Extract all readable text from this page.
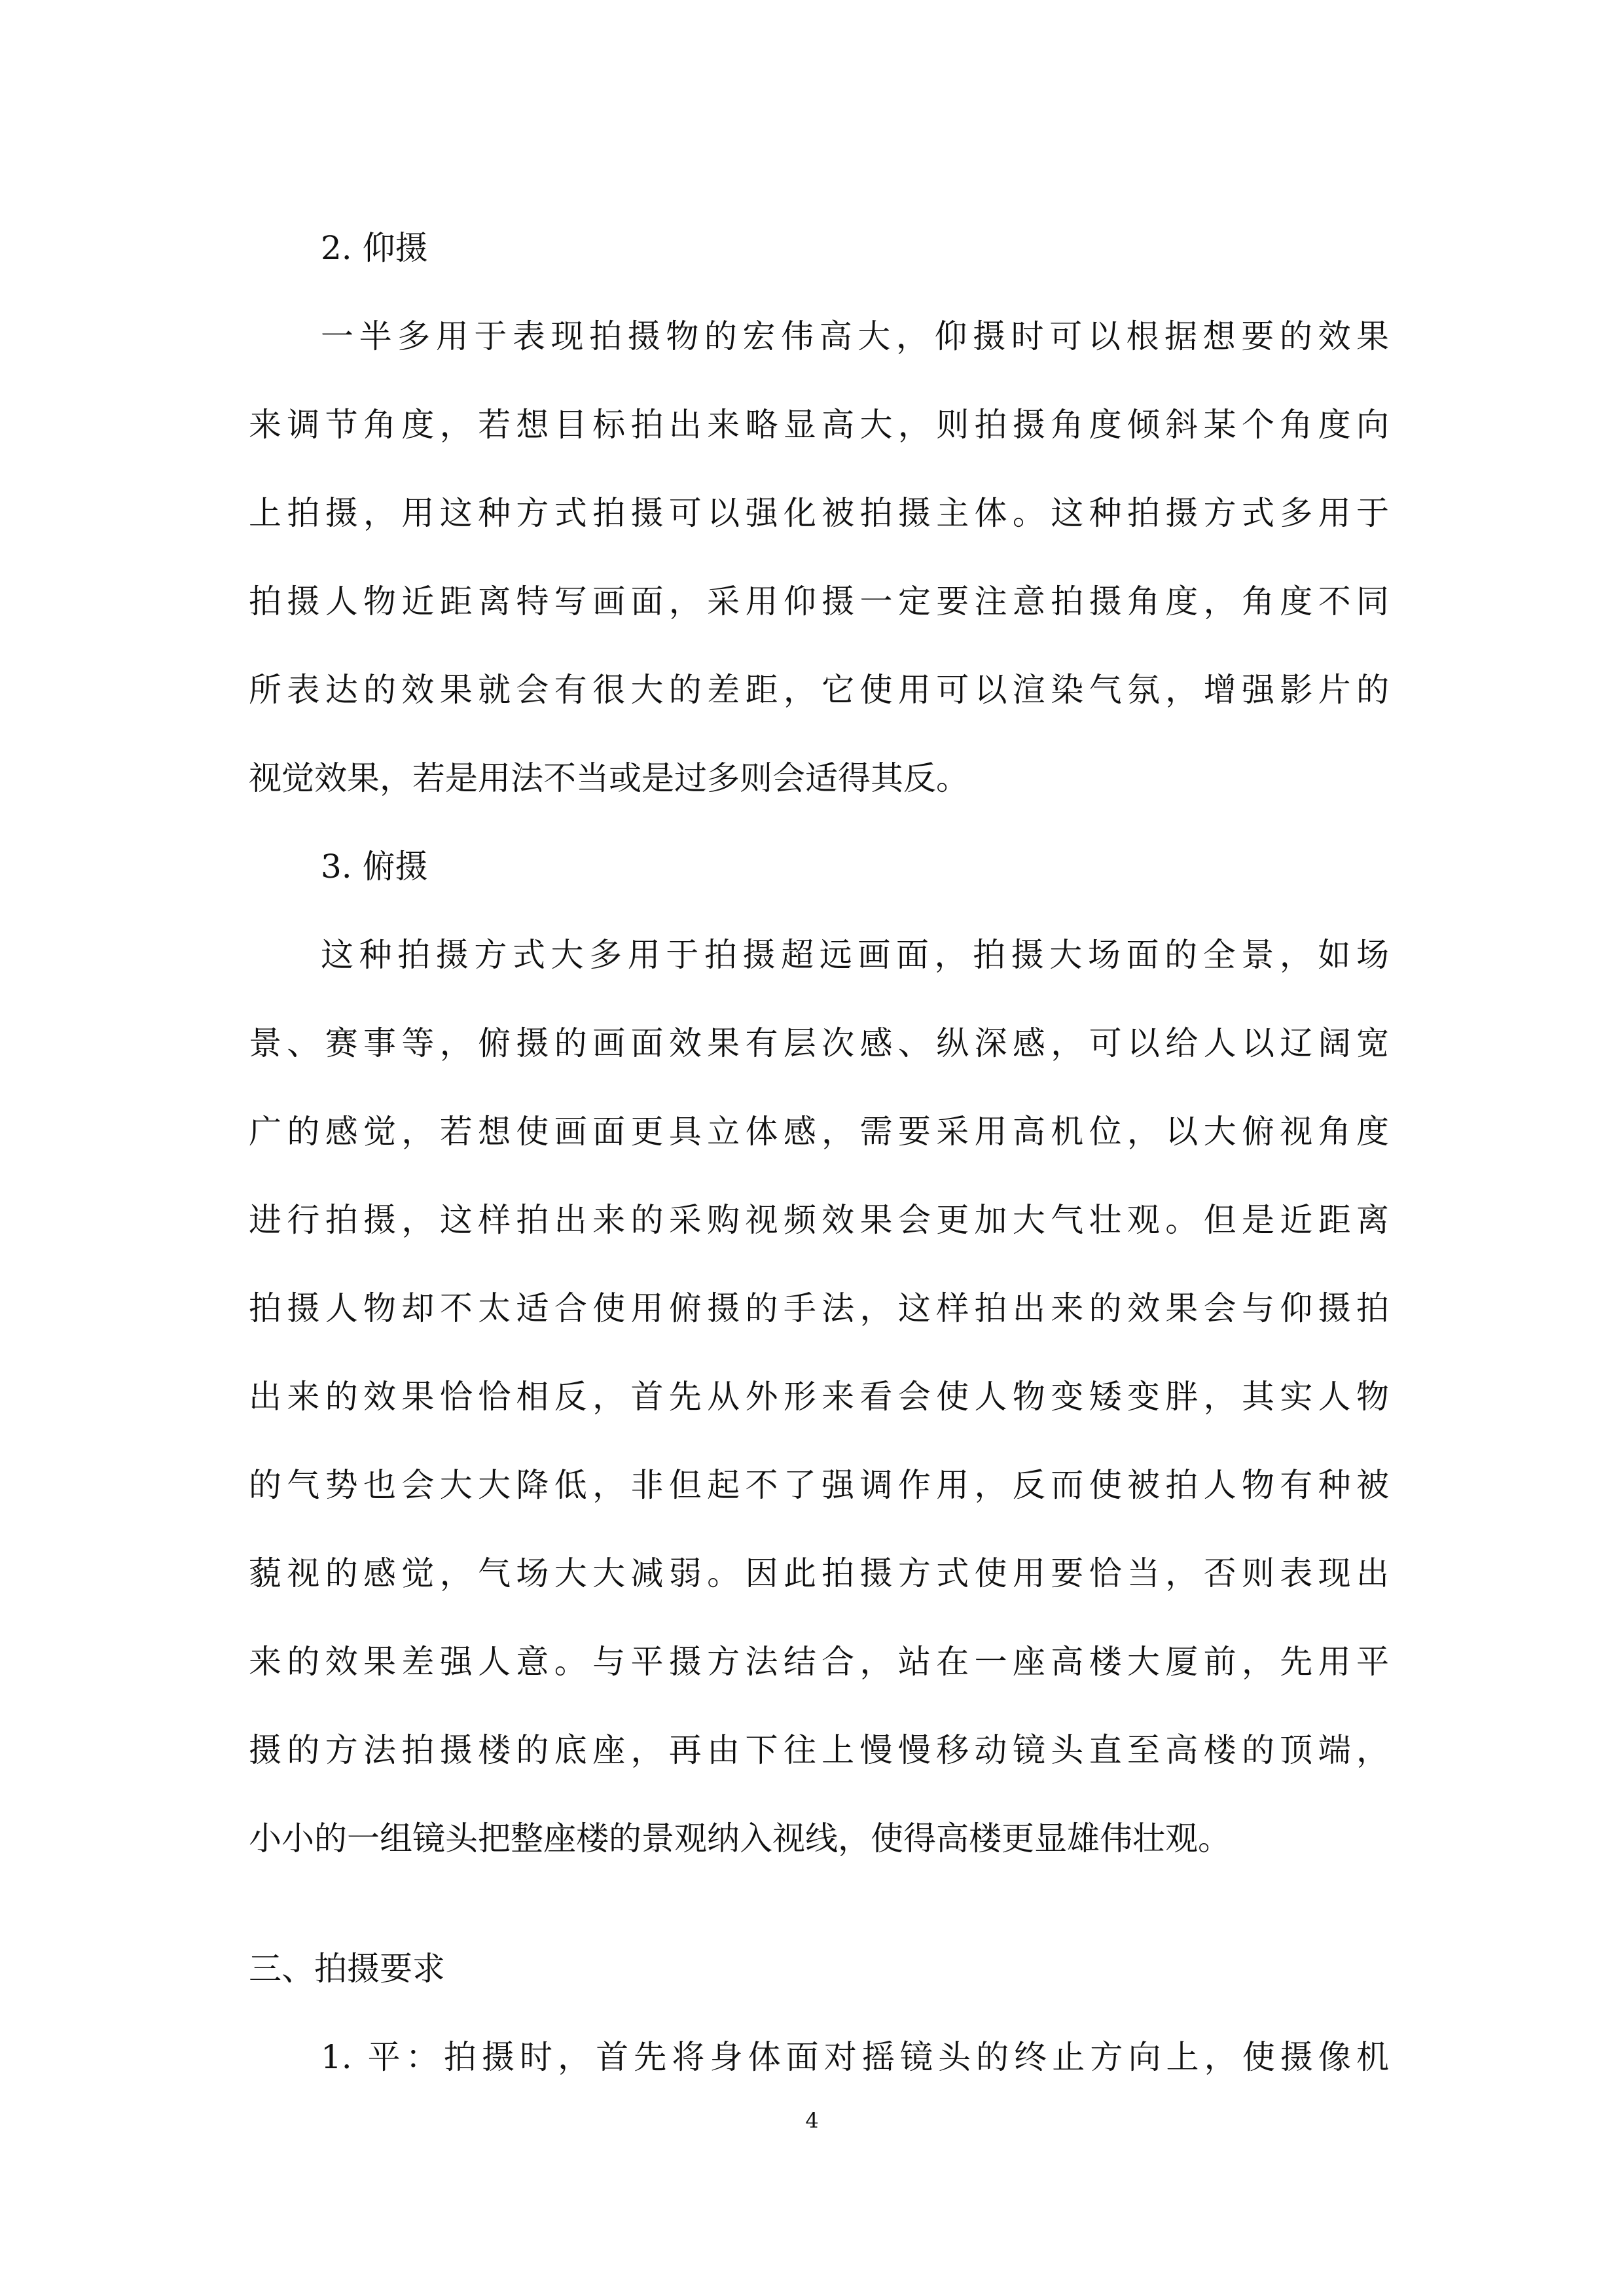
2. 仰摄
一半多用于表现拍摄物的宏伟高大，仰摄时可以根据想要的效果
来调节角度，若想目标拍出来略显高大，则拍摄角度倾斜某个角度向
上拍摄，用这种方式拍摄可以强化被拍摄主体。这种拍摄方式多用于
拍摄人物近距离特写画面，采用仰摄一定要注意拍摄角度，角度不同
所表达的效果就会有很大的差距，它使用可以渲染气氛，增强影片的
视觉效果，若是用法不当或是过多则会适得其反。
3. 俯摄
这种拍摄方式大多用于拍摄超远画面，拍摄大场面的全景，如场
景、赛事等，俯摄的画面效果有层次感、纵深感，可以给人以辽阔宽
广的感觉，若想使画面更具立体感，需要采用高机位，以大俯视角度
进行拍摄，这样拍出来的采购视频效果会更加大气壮观。但是近距离
拍摄人物却不太适合使用俯摄的手法，这样拍出来的效果会与仰摄拍
出来的效果恰恰相反，首先从外形来看会使人物变矮变胖，其实人物
的气势也会大大降低，非但起不了强调作用，反而使被拍人物有种被
藐视的感觉，气场大大减弱。因此拍摄方式使用要恰当，否则表现出
来的效果差强人意。与平摄方法结合，站在一座高楼大厦前，先用平
摄的方法拍摄楼的底座，再由下往上慢慢移动镜头直至高楼的顶端，
小小的一组镜头把整座楼的景观纳入视线，使得高楼更显雄伟壮观。
三、拍摄要求
1. 平：拍摄时，首先将身体面对摇镜头的终止方向上，使摄像机
4
